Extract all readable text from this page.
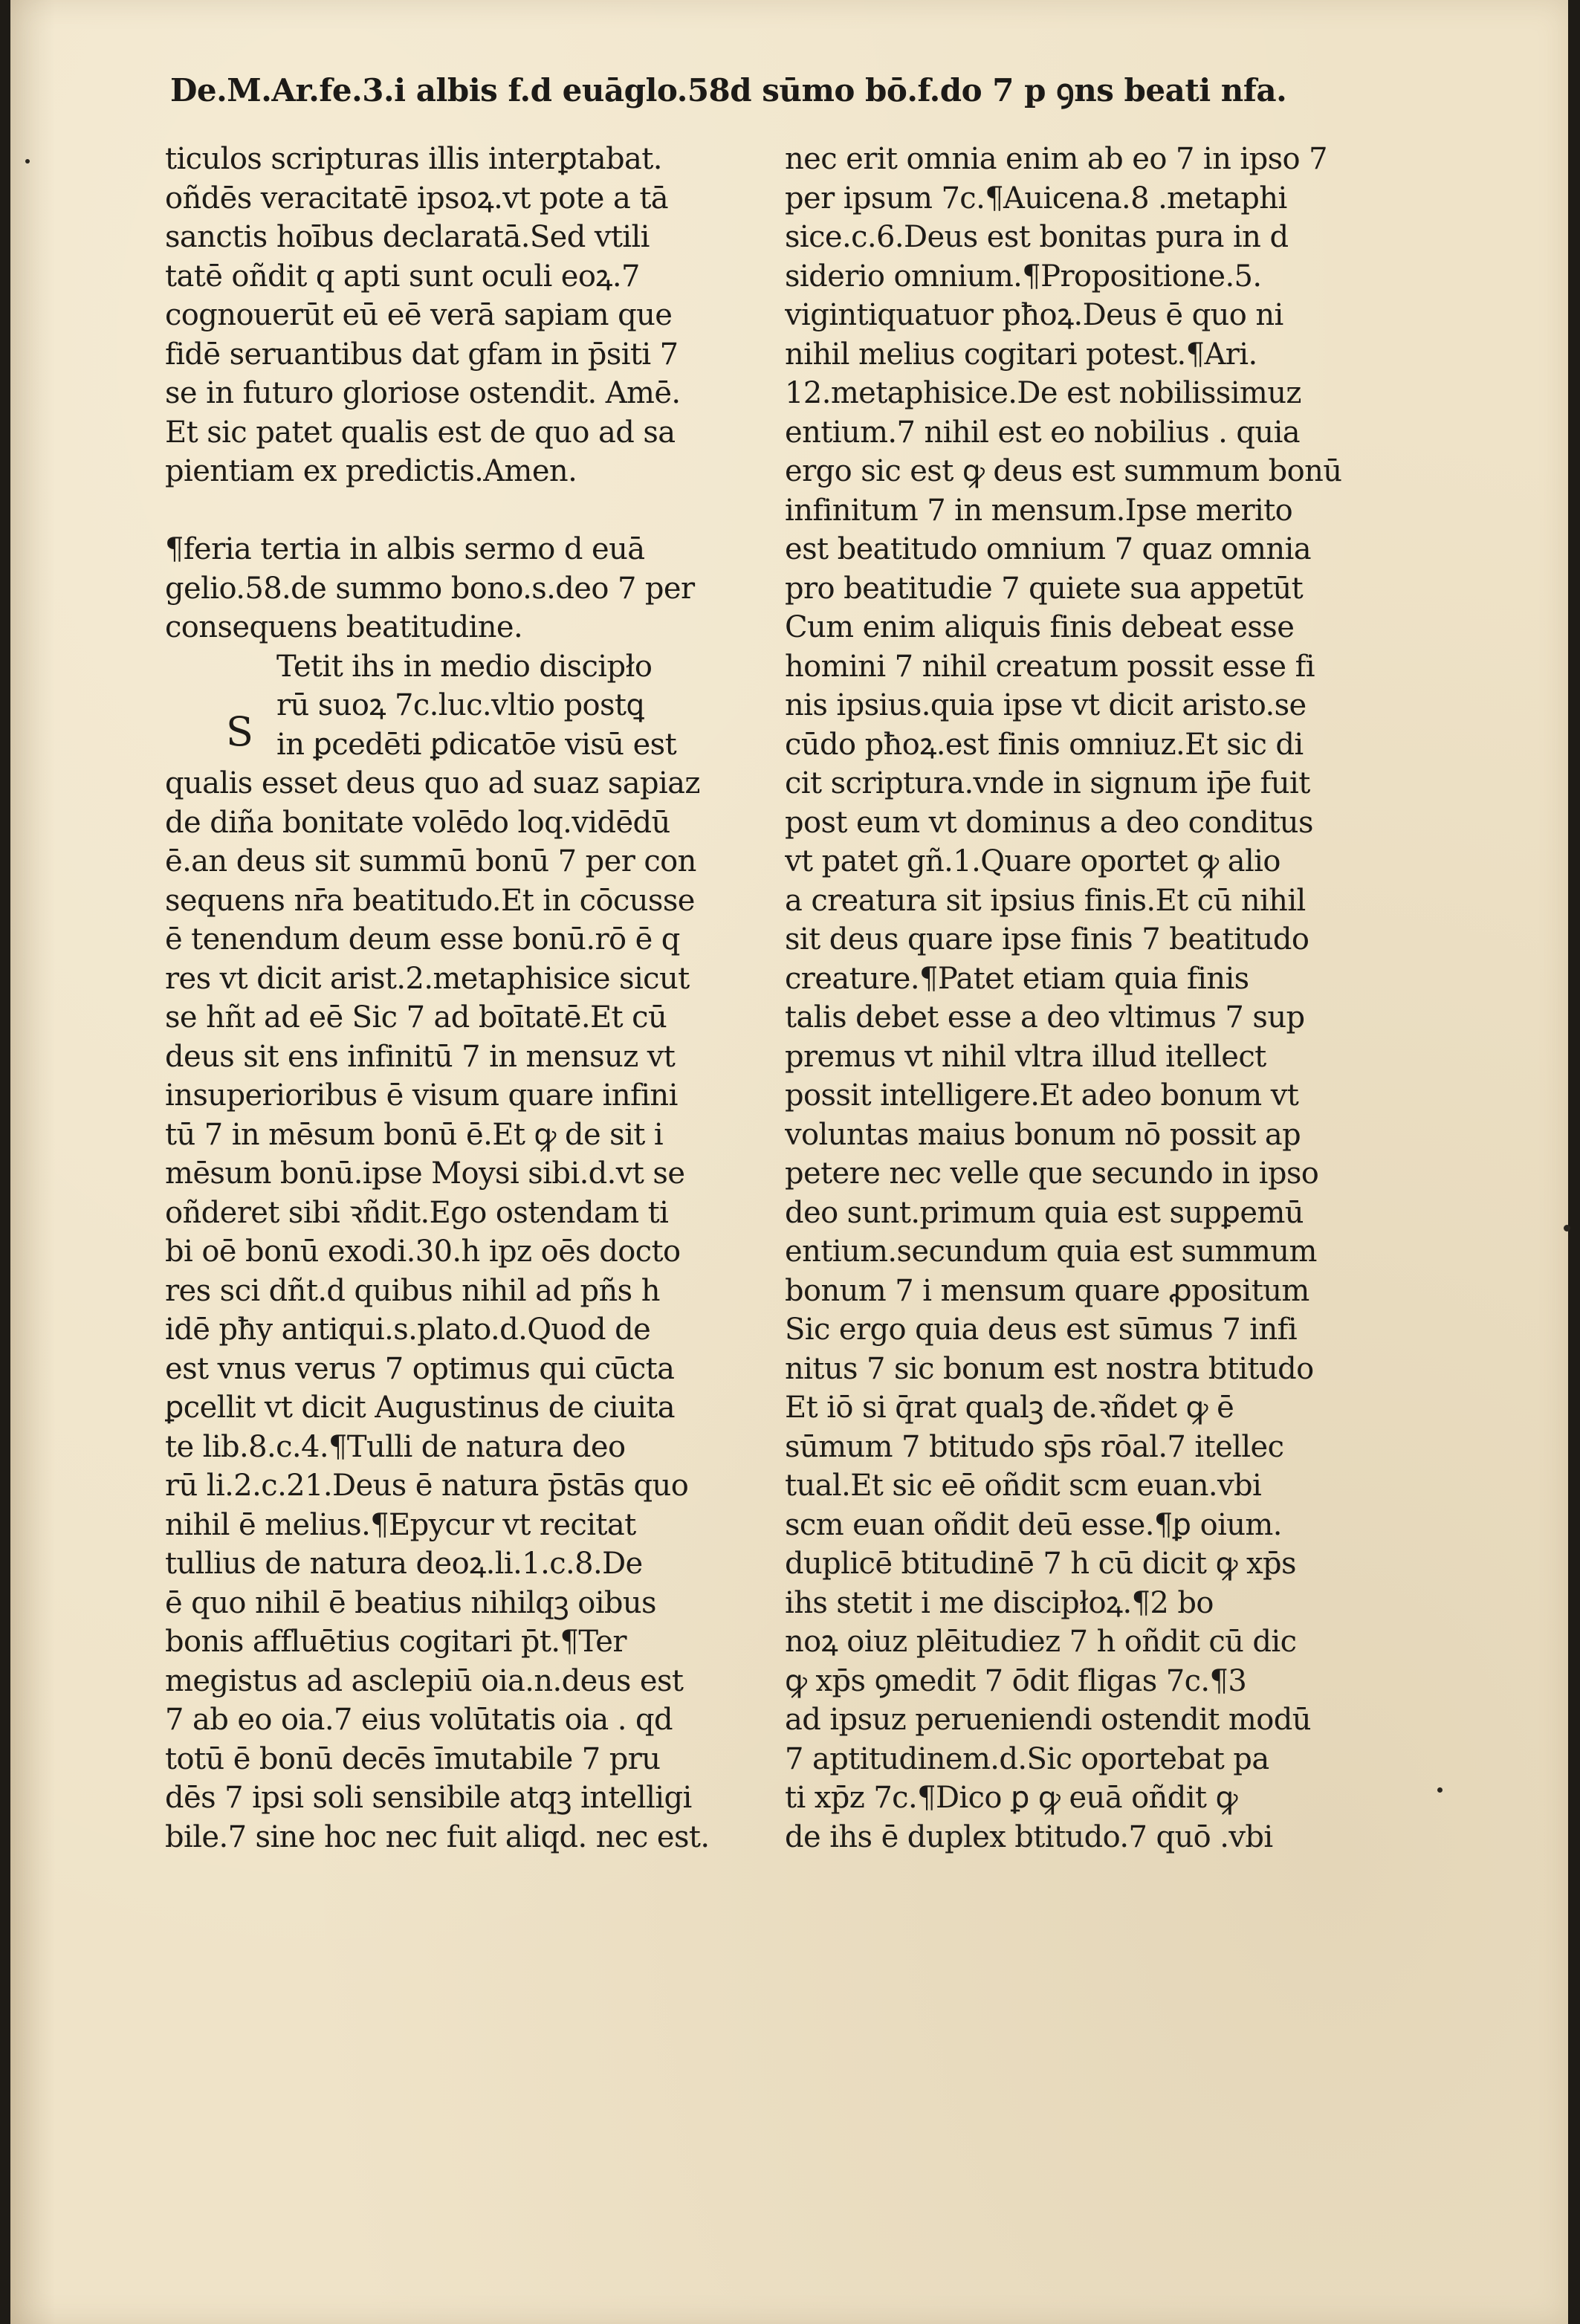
De.M.Ar.fe.3.i albis f.d euāglo.58d sūmo bō.f.do 7 p ꝯns beati nfa.
ticulos scripturas illis interꝑtabat.
oñdēs veracitatē ipsoꝝ.vt pote a tā
sanctis hoībus declaratā.Sed vtili
tatē oñdit q apti sunt oculi eoꝝ.7
cognouerūt eū eē verā sapiam que
fidē seruantibus dat gfam in p̄siti 7
se in futuro gloriose ostendit. Amē.
Et sic patet qualis est de quo ad sa
pientiam ex predictis.Amen.
¶feria tertia in albis sermo d euā
gelio.58.de summo bono.s.deo 7 per
consequens beatitudine.
Tetit ihs in medio discipło
rū suoꝝ 7c.luc.vltio postꝗ
in ꝑcedēti ꝑdicatōe visū est
qualis esset deus quo ad suaz sapiaz
de diña bonitate volēdo loq.vidēdū
ē.an deus sit summū bonū 7 per con
sequens nr̄a beatitudo.Et in cōcusse
ē tenendum deum esse bonū.rō ē q
res vt dicit arist.2.metaphisice sicut
se hñt ad eē Sic 7 ad boītatē.Et cū
deus sit ens infinitū 7 in mensuz vt
insuperioribus ē visum quare infini
tū 7 in mēsum bonū ē.Et ꝙ de sit i
mēsum bonū.ipse Moysi sibi.d.vt se
oñderet sibi ꝛñdit.Ego ostendam ti
bi oē bonū exodi.30.h ipz oēs docto
res sci dñt.d quibus nihil ad pñs h
idē pħy antiqui.s.plato.d.Quod de
est vnus verus 7 optimus qui cūcta
ꝑcellit vt dicit Augustinus de ciuita
te lib.8.c.4.¶Tulli de natura deo
rū li.2.c.21.Deus ē natura p̄stās quo
nihil ē melius.¶Epycur vt recitat
tullius de natura deoꝝ.li.1.c.8.De
ē quo nihil ē beatius nihilqꝫ oibus
bonis affluētius cogitari p̄t.¶Ter
megistus ad asclepiū oia.n.deus est
7 ab eo oia.7 eius volūtatis oia . qd
totū ē bonū decēs īmutabile 7 pru
dēs 7 ipsi soli sensibile atqꝫ intelligi
bile.7 sine hoc nec fuit aliqd. nec est.
S
nec erit omnia enim ab eo 7 in ipso 7
per ipsum 7c.¶Auicena.8 .metaphi
sice.c.6.Deus est bonitas pura in d
siderio omnium.¶Propositione.5.
vigintiquatuor pħoꝝ.Deus ē quo ni
nihil melius cogitari potest.¶Ari.
12.metaphisice.De est nobilissimuz
entium.7 nihil est eo nobilius . quia
ergo sic est ꝙ deus est summum bonū
infinitum 7 in mensum.Ipse merito
est beatitudo omnium 7 quaz omnia
pro beatitudie 7 quiete sua appetūt
Cum enim aliquis finis debeat esse
homini 7 nihil creatum possit esse fi
nis ipsius.quia ipse vt dicit aristo.se
cūdo pħoꝝ.est finis omniuz.Et sic di
cit scriptura.vnde in signum ip̄e fuit
post eum vt dominus a deo conditus
vt patet gñ.1.Quare oportet ꝙ alio
a creatura sit ipsius finis.Et cū nihil
sit deus quare ipse finis 7 beatitudo
creature.¶Patet etiam quia finis
talis debet esse a deo vltimus 7 sup
premus vt nihil vltra illud itellect
possit intelligere.Et adeo bonum vt
voluntas maius bonum nō possit ap
petere nec velle que secundo in ipso
deo sunt.primum quia est supꝑemū
entium.secundum quia est summum
bonum 7 i mensum quare ꝓpositum
Sic ergo quia deus est sūmus 7 infi
nitus 7 sic bonum est nostra btitudo
Et iō si q̄rat qualꝫ de.ꝛñdet ꝙ ē
sūmum 7 btitudo sp̄s rōal.7 itellec
tual.Et sic eē oñdit scm euan.vbi
scm euan oñdit deū esse.¶ꝑ oium.
duplicē btitudinē 7 h cū dicit ꝙ xp̄s
ihs stetit i me discipłoꝝ.¶2 bo
noꝝ oiuz plēitudiez 7 h oñdit cū dic
ꝙ xp̄s ꝯmedit 7 ōdit fligas 7c.¶3
ad ipsuz perueniendi ostendit modū
7 aptitudinem.d.Sic oportebat pa
ti xp̄z 7c.¶Dico ꝑ ꝙ euā oñdit ꝙ
de ihs ē duplex btitudo.7 quō .vbi
